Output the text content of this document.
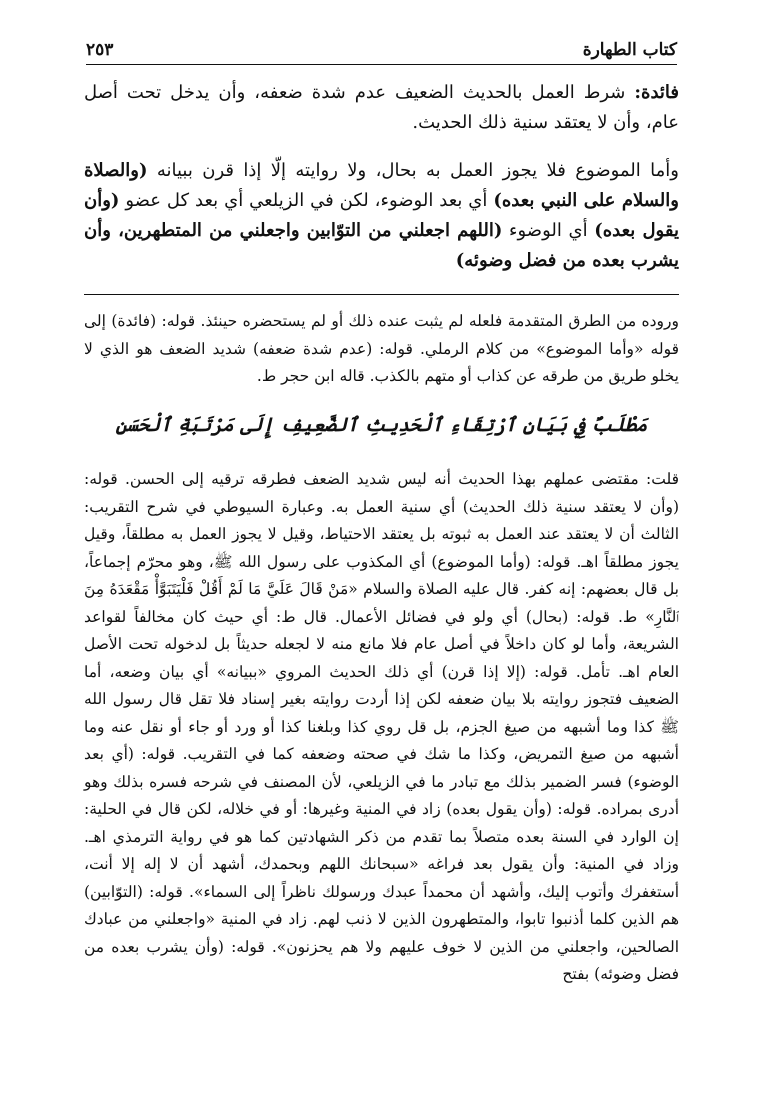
كتاب الطهارة
٢٥٣

فائدة: شرط العمل بالحديث الضعيف عدم شدة ضعفه، وأن يدخل تحت أصل عام، وأن لا يعتقد سنية ذلك الحديث.

وأما الموضوع فلا يجوز العمل به بحال، ولا روايته إلّا إذا قرن ببيانه (والصلاة والسلام على النبي بعده) أي بعد الوضوء، لكن في الزيلعي أي بعد كل عضو (وأن يقول بعده) أي الوضوء (اللهم اجعلني من التوّابين واجعلني من المتطهرين، وأن يشرب بعده من فضل وضوئه)

وروده من الطرق المتقدمة فلعله لم يثبت عنده ذلك أو لم يستحضره حينئذ. قوله: (فائدة) إلى قوله «وأما الموضوع» من كلام الرملي. قوله: (عدم شدة ضعفه) شديد الضعف هو الذي لا يخلو طريق من طرقه عن كذاب أو متهم بالكذب. قاله ابن حجر ط.

مَطْلَبٌ فِي بَيَانِ ٱرْتِقَاءِ ٱلْحَدِيثِ ٱلضَّعِيفِ إِلَى مَرْتَبَةِ ٱلْحَسَنِ

قلت: مقتضى عملهم بهذا الحديث أنه ليس شديد الضعف فطرقه ترقيه إلى الحسن. قوله: (وأن لا يعتقد سنية ذلك الحديث) أي سنية العمل به. وعبارة السيوطي في شرح التقريب: الثالث أن لا يعتقد عند العمل به ثبوته بل يعتقد الاحتياط، وقيل لا يجوز العمل به مطلقاً، وقيل يجوز مطلقاً اهـ. قوله: (وأما الموضوع) أي المكذوب على رسول الله ﷺ، وهو محرّم إجماعاً، بل قال بعضهم: إنه كفر. قال عليه الصلاة والسلام «مَنْ قَالَ عَلَيَّ مَا لَمْ أَقُلْ فَلْيَتَبَوَّأْ مَقْعَدَهُ مِنَ ٱلنَّارِ» ط. قوله: (بحال) أي ولو في فضائل الأعمال. قال ط: أي حيث كان مخالفاً لقواعد الشريعة، وأما لو كان داخلاً في أصل عام فلا مانع منه لا لجعله حديثاً بل لدخوله تحت الأصل العام اهـ. تأمل. قوله: (إلا إذا قرن) أي ذلك الحديث المروي «ببيانه» أي بيان وضعه، أما الضعيف فتجوز روايته بلا بيان ضعفه لكن إذا أردت روايته بغير إسناد فلا تقل قال رسول الله ﷺ كذا وما أشبهه من صيغ الجزم، بل قل روي كذا وبلغنا كذا أو ورد أو جاء أو نقل عنه وما أشبهه من صيغ التمريض، وكذا ما شك في صحته وضعفه كما في التقريب. قوله: (أي بعد الوضوء) فسر الضمير بذلك مع تبادر ما في الزيلعي، لأن المصنف في شرحه فسره بذلك وهو أدرى بمراده. قوله: (وأن يقول بعده) زاد في المنية وغيرها: أو في خلاله، لكن قال في الحلية: إن الوارد في السنة بعده متصلاً بما تقدم من ذكر الشهادتين كما هو في رواية الترمذي اهـ. وزاد في المنية: وأن يقول بعد فراغه «سبحانك اللهم وبحمدك، أشهد أن لا إله إلا أنت، أستغفرك وأتوب إليك، وأشهد أن محمداً عبدك ورسولك ناظراً إلى السماء». قوله: (التوّابين) هم الذين كلما أذنبوا تابوا، والمتطهرون الذين لا ذنب لهم. زاد في المنية «واجعلني من عبادك الصالحين، واجعلني من الذين لا خوف عليهم ولا هم يحزنون». قوله: (وأن يشرب بعده من فضل وضوئه) بفتح
